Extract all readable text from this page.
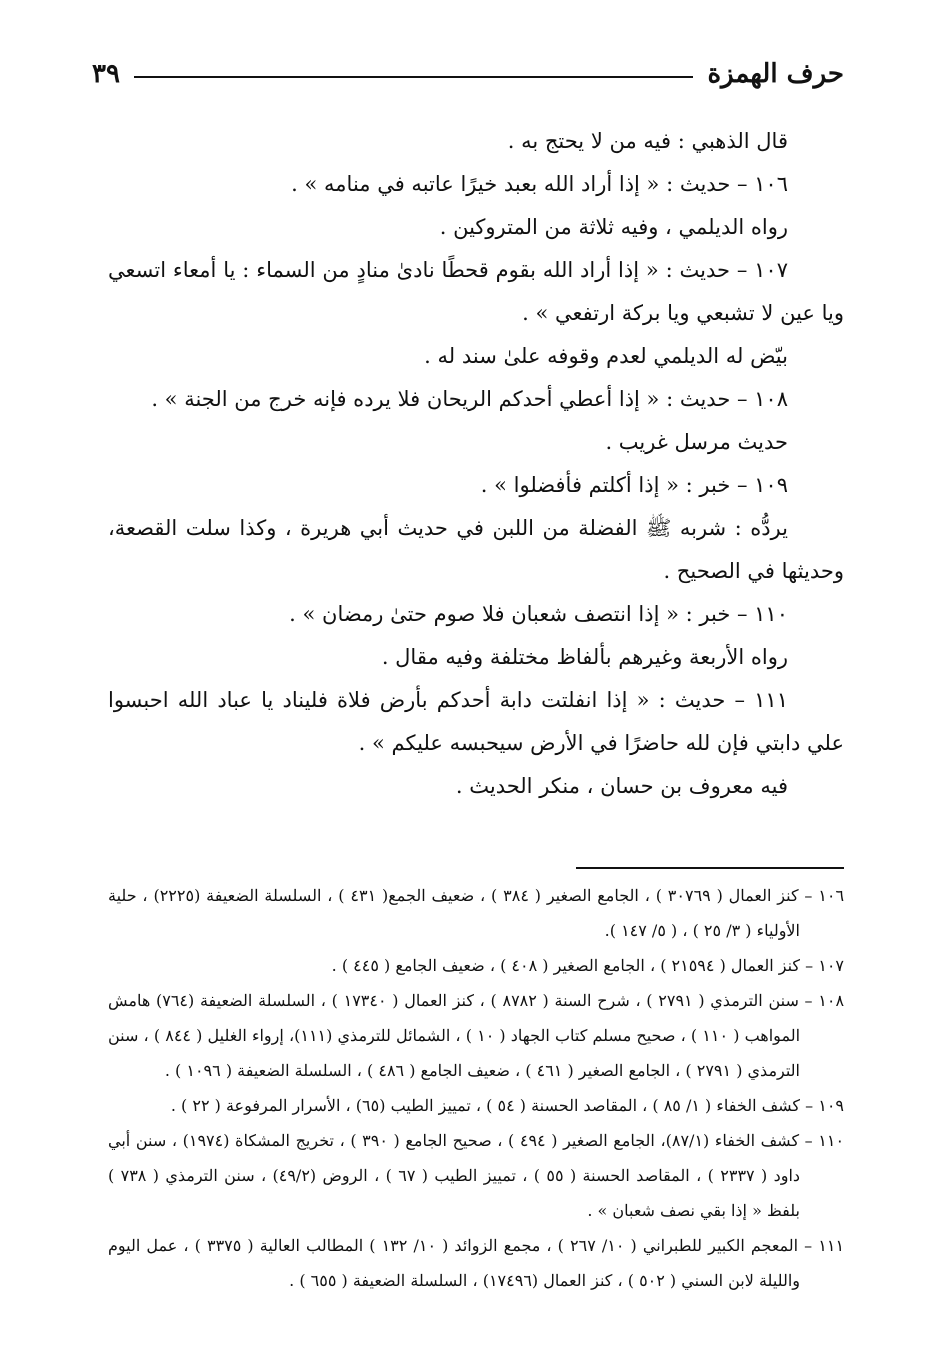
حرف الهمزة
٣٩

قال الذهبي : فيه من لا يحتج به .

١٠٦ – حديث : « إذا أراد الله بعبد خيرًا عاتبه في منامه » .

رواه الديلمي ، وفيه ثلاثة من المتروكين .

١٠٧ – حديث : « إذا أراد الله بقوم قحطًا نادىٰ منادٍ من السماء : يا أمعاء اتسعي ويا عين لا تشبعي ويا بركة ارتفعي » .

بيّض له الديلمي لعدم وقوفه علىٰ سند له .

١٠٨ – حديث : « إذا أعطي أحدكم الريحان فلا يرده فإنه خرج من الجنة » .

حديث مرسل غريب .

١٠٩ – خبر : « إذا أكلتم فأفضلوا » .

يردُّه : شربه ﷺ الفضلة من اللبن في حديث أبي هريرة ، وكذا سلت القصعة، وحديثها في الصحيح .

١١٠ – خبر : « إذا انتصف شعبان فلا صوم حتىٰ رمضان » .

رواه الأربعة وغيرهم بألفاظ مختلفة وفيه مقال .

١١١ – حديث : « إذا انفلتت دابة أحدكم بأرض فلاة فليناد يا عباد الله احبسوا علي دابتي فإن لله حاضرًا في الأرض سيحبسه عليكم » .

فيه معروف بن حسان ، منكر الحديث .

١٠٦ – كنز العمال ( ٣٠٧٦٩ ) ، الجامع الصغير ( ٣٨٤ ) ، ضعيف الجمع( ٤٣١ ) ، السلسلة الضعيفة (٢٢٢٥) ، حلية الأولياء ( ٣/ ٢٥ ) ، ( ٥/ ١٤٧ ).

١٠٧ – كنز العمال ( ٢١٥٩٤ ) ، الجامع الصغير ( ٤٠٨ ) ، ضعيف الجامع ( ٤٤٥ ) .

١٠٨ – سنن الترمذي ( ٢٧٩١ ) ، شرح السنة ( ٨٧٨٢ ) ، كنز العمال ( ١٧٣٤٠ ) ، السلسلة الضعيفة (٧٦٤) هامش المواهب ( ١١٠ ) ، صحيح مسلم كتاب الجهاد ( ١٠ ) ، الشمائل للترمذي (١١١)، إرواء الغليل ( ٨٤٤ ) ، سنن الترمذي ( ٢٧٩١ ) ، الجامع الصغير ( ٤٦١ ) ، ضعيف الجامع ( ٤٨٦ ) ، السلسلة الضعيفة ( ١٠٩٦ ) .

١٠٩ – كشف الخفاء ( ١/ ٨٥ ) ، المقاصد الحسنة ( ٥٤ ) ، تمييز الطيب (٦٥) ، الأسرار المرفوعة ( ٢٢ ) .

١١٠ – كشف الخفاء (٨٧/١)، الجامع الصغير ( ٤٩٤ ) ، صحيح الجامع ( ٣٩٠ ) ، تخريج المشكاة (١٩٧٤) ، سنن أبي داود ( ٢٣٣٧ ) ، المقاصد الحسنة ( ٥٥ ) ، تمييز الطيب ( ٦٧ ) ، الروض (٤٩/٢) ، سنن الترمذي ( ٧٣٨ ) بلفظ « إذا بقي نصف شعبان » .

١١١ – المعجم الكبير للطبراني ( ١٠/ ٢٦٧ ) ، مجمع الزوائد ( ١٠/ ١٣٢ ) المطالب العالية ( ٣٣٧٥ ) ، عمل اليوم والليلة لابن السني ( ٥٠٢ ) ، كنز العمال (١٧٤٩٦) ، السلسلة الضعيفة ( ٦٥٥ ) .
